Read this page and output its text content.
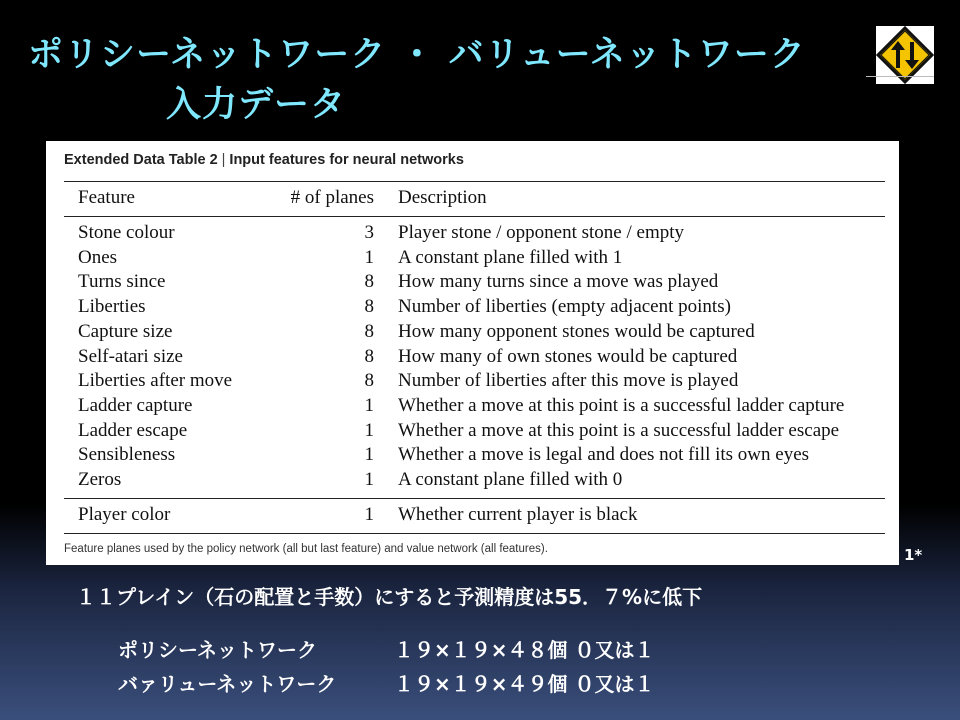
ポリシーネットワーク ・ バリューネットワーク
入力データ
Extended Data Table 2 | Input features for neural networks
Feature	# of planes	Description
Stone colour	3	Player stone / opponent stone / empty
Ones	1	A constant plane filled with 1
Turns since	8	How many turns since a move was played
Liberties	8	Number of liberties (empty adjacent points)
Capture size	8	How many opponent stones would be captured
Self-atari size	8	How many of own stones would be captured
Liberties after move	8	Number of liberties after this move is played
Ladder capture	1	Whether a move at this point is a successful ladder capture
Ladder escape	1	Whether a move at this point is a successful ladder escape
Sensibleness	1	Whether a move is legal and does not fill its own eyes
Zeros	1	A constant plane filled with 0
Player color	1	Whether current player is black
Feature planes used by the policy network (all but last feature) and value network (all features).	1*
１１プレイン（石の配置と手数）にすると予測精度は55．７%に低下
ポリシーネットワーク	１９×１９×４８個 ０又は１
バァリューネットワーク	１９×１９×４９個 ０又は１
